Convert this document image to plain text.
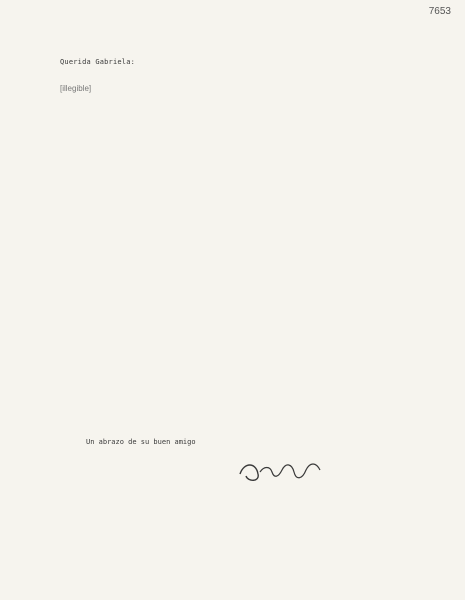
7653
Querida Gabriela:
[illegible]
Un abrazo de su buen amigo
